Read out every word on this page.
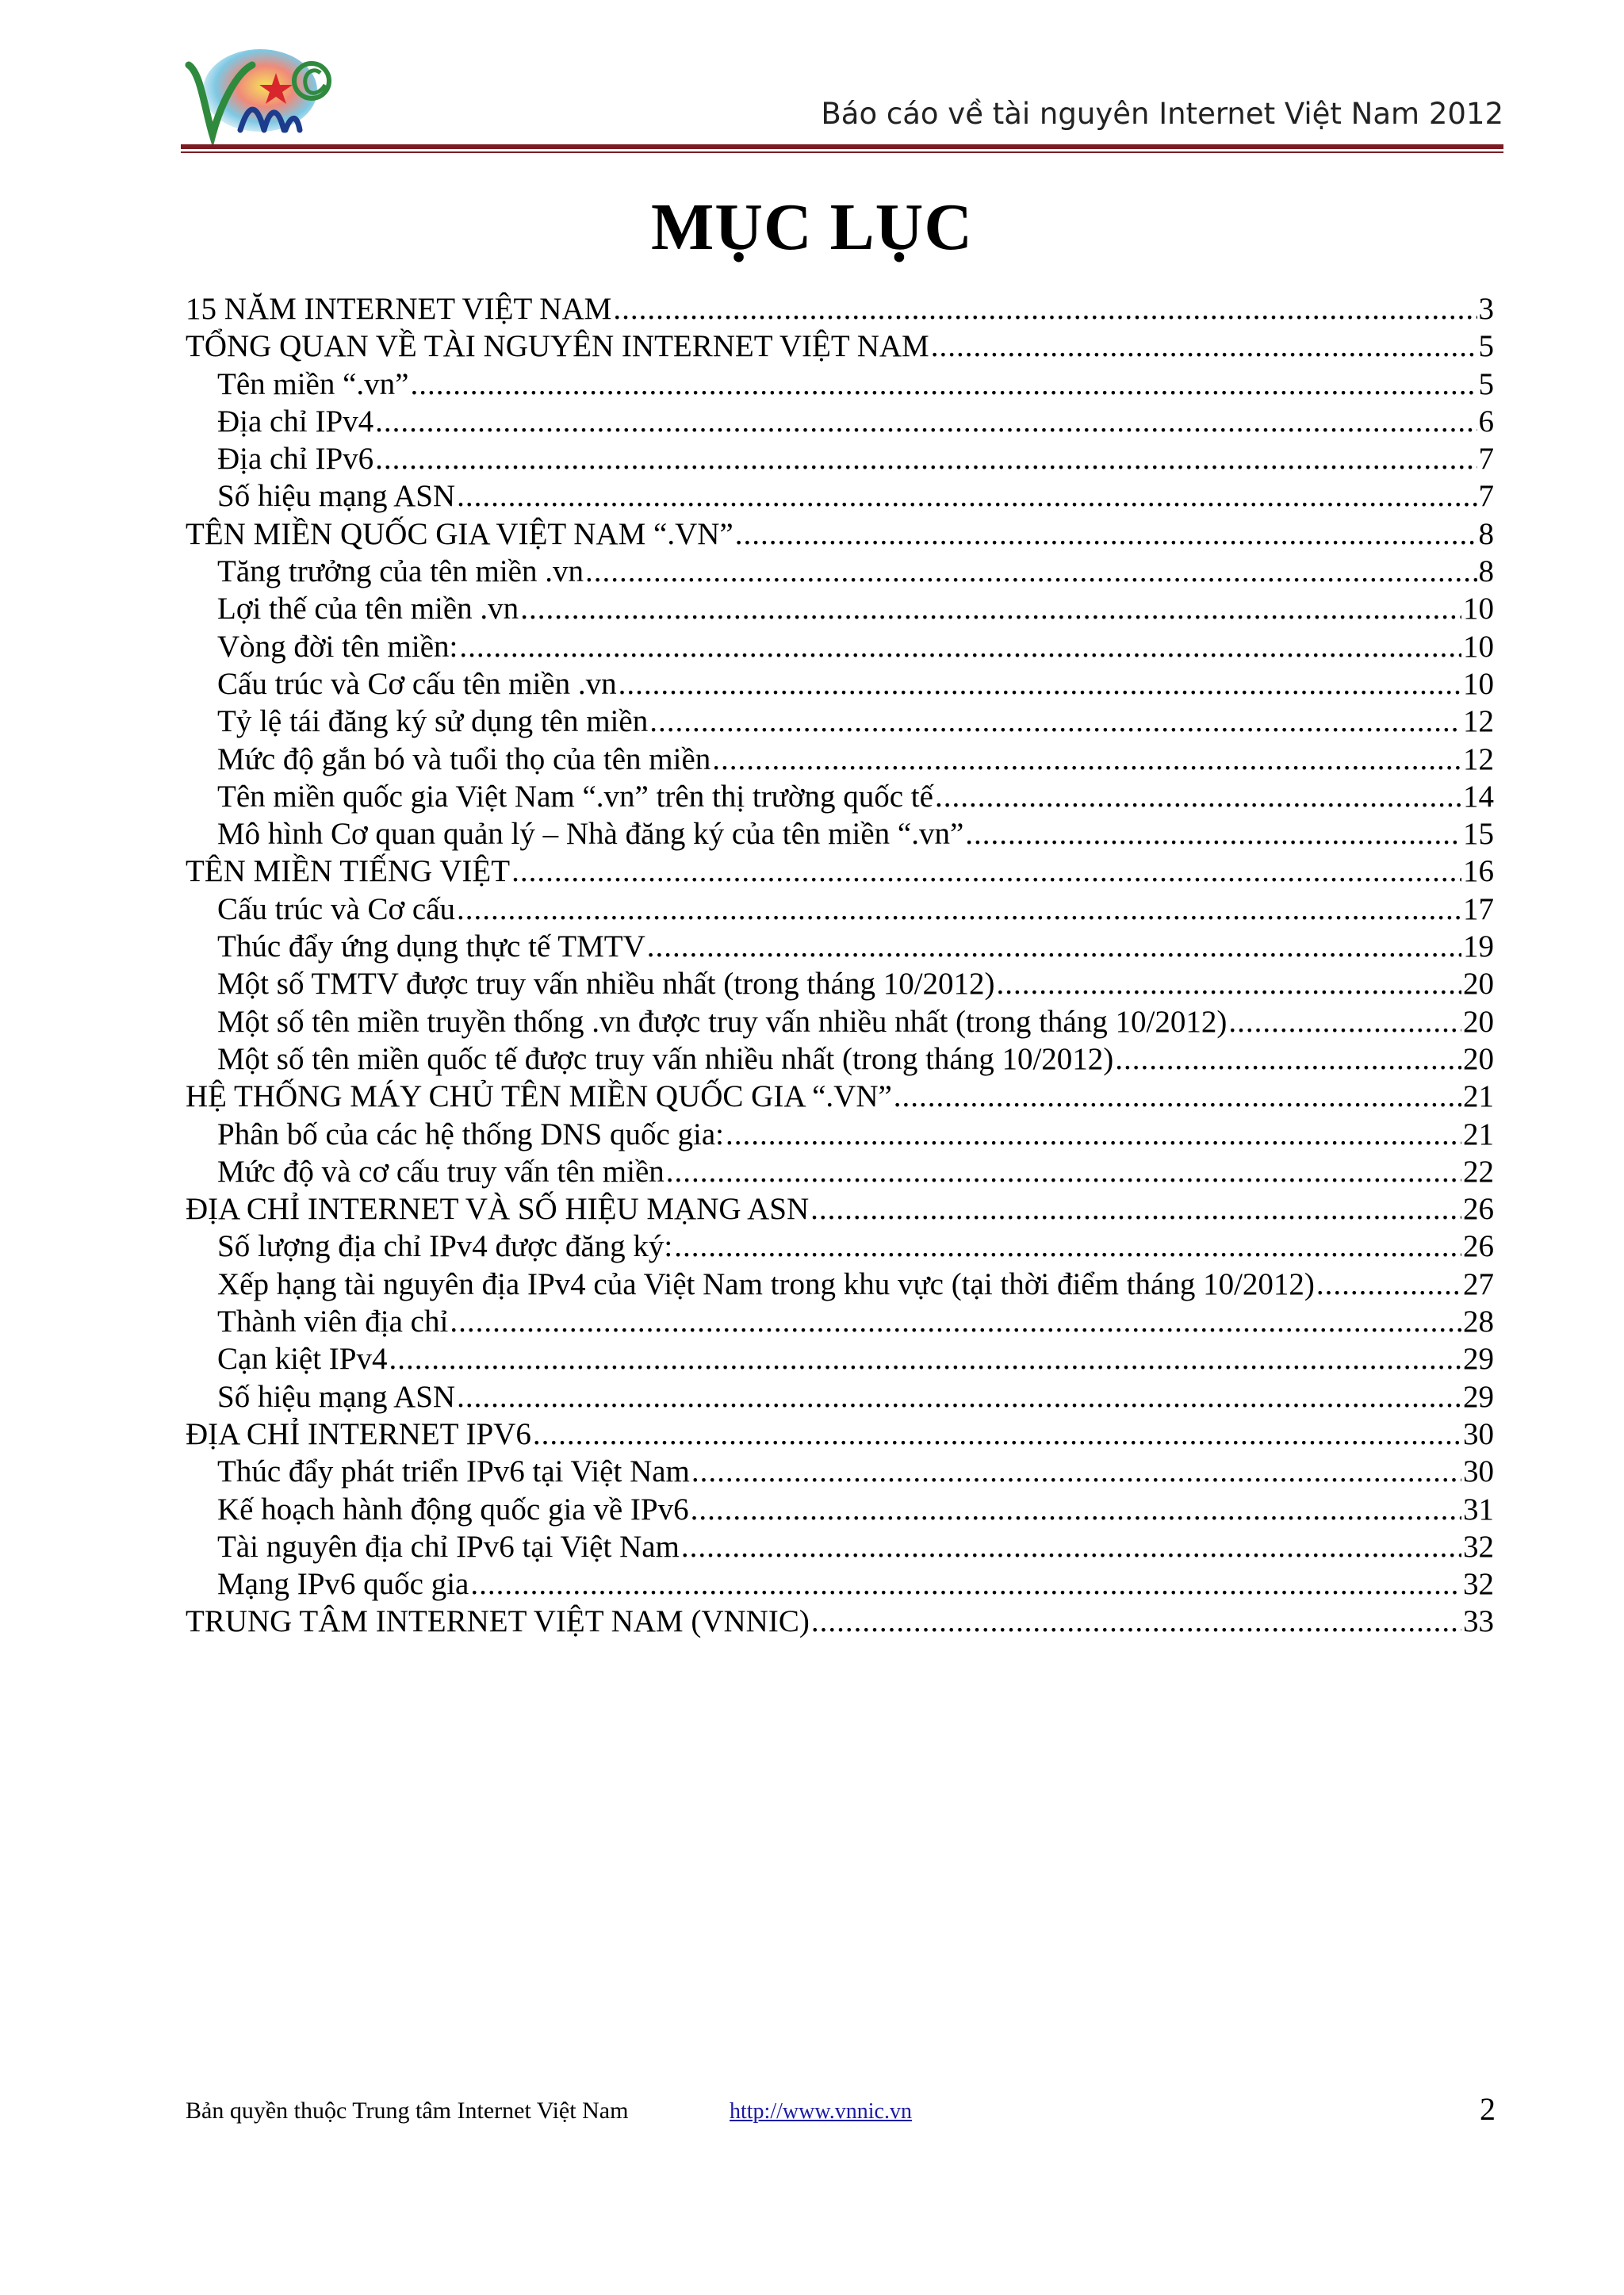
Báo cáo về tài nguyên Internet Việt Nam 2012
MỤC LỤC
15 NĂM INTERNET VIỆT NAM .....	3
TỔNG QUAN VỀ TÀI NGUYÊN INTERNET VIỆT NAM .....	5
Tên miền “.vn” .....	5
Địa chỉ IPv4 .....	6
Địa chỉ IPv6 .....	7
Số hiệu mạng ASN .....	7
TÊN MIỀN QUỐC GIA VIỆT NAM “.VN” .....	8
Tăng trưởng của tên miền .vn .....	8
Lợi thế của tên miền .vn .....	10
Vòng đời tên miền: .....	10
Cấu trúc và Cơ cấu tên miền .vn .....	10
Tỷ lệ tái đăng ký sử dụng tên miền .....	12
Mức độ gắn bó và tuổi thọ của tên miền .....	12
Tên miền quốc gia Việt Nam “.vn” trên thị trường quốc tế .....	14
Mô hình Cơ quan quản lý – Nhà đăng ký của tên miền “.vn” .....	15
TÊN MIỀN TIẾNG VIỆT .....	16
Cấu trúc và Cơ cấu .....	17
Thúc đẩy ứng dụng thực tế TMTV .....	19
Một số TMTV được truy vấn nhiều nhất (trong tháng 10/2012) .....	20
Một số tên miền truyền thống .vn được truy vấn nhiều nhất (trong tháng 10/2012) .....	20
Một số tên miền quốc tế được truy vấn nhiều nhất (trong tháng 10/2012) .....	20
HỆ THỐNG MÁY CHỦ TÊN MIỀN QUỐC GIA “.VN” .....	21
Phân bố của các hệ thống DNS quốc gia: .....	21
Mức độ và cơ cấu truy vấn tên miền .....	22
ĐỊA CHỈ INTERNET VÀ SỐ HIỆU MẠNG ASN .....	26
Số lượng địa chỉ IPv4 được đăng ký: .....	26
Xếp hạng tài nguyên địa IPv4 của Việt Nam trong khu vực (tại thời điểm tháng 10/2012) .....	27
Thành viên địa chỉ .....	28
Cạn kiệt IPv4 .....	29
Số hiệu mạng ASN .....	29
ĐỊA CHỈ INTERNET IPV6 .....	30
Thúc đẩy phát triển IPv6 tại Việt Nam .....	30
Kế hoạch hành động quốc gia về IPv6 .....	31
Tài nguyên địa chỉ IPv6 tại Việt Nam .....	32
Mạng IPv6 quốc gia .....	32
TRUNG TÂM INTERNET VIỆT NAM (VNNIC) .....	33
Bản quyền thuộc Trung tâm Internet Việt Nam	http://www.vnnic.vn	2
